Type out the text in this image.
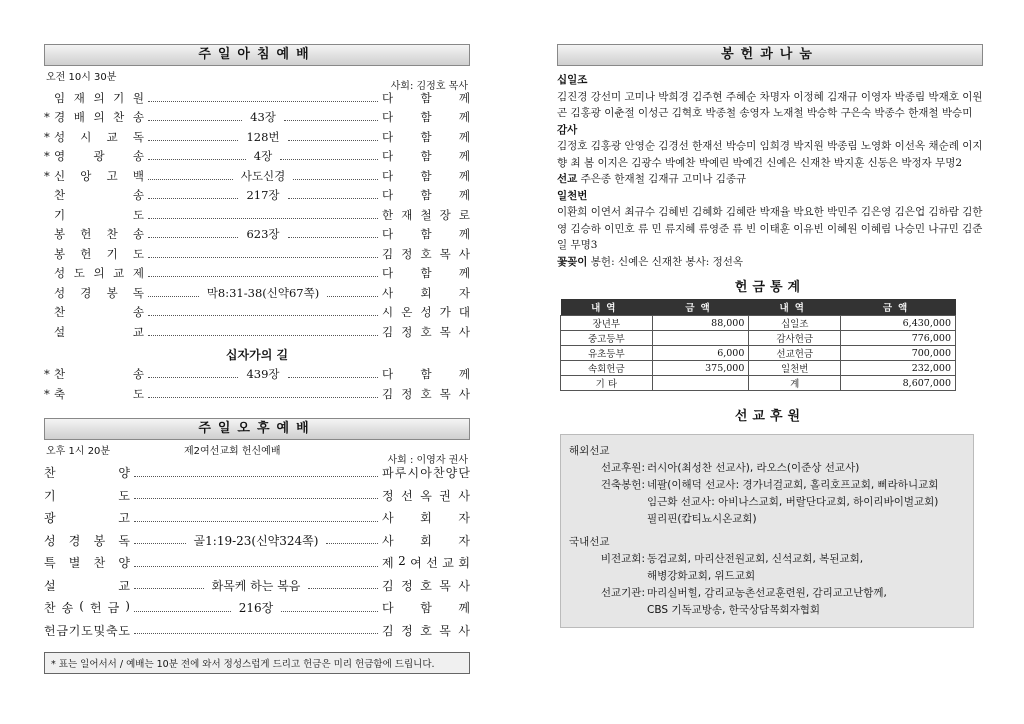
주일아침예배
오전 10시 30분
사회: 김정호 목사
임 재 의 기 원	다 함 께
* 경 배 의 찬 송	43장	다 함 께
* 성 시 교 독	128번	다 함 께
* 영 광 송	4장	다 함 께
* 신 앙 고 백	사도신경	다 함 께
찬	송	217장	다 함 께
기	도	한 재 철 장 로
봉 헌 찬 송	623장	다 함 께
봉 헌 기 도	김 정 호 목 사
성 도 의 교 제	다 함 께
성 경 봉 독	막8:31-38(신약67쪽)	사 회 자
찬	송	시 온 성 가 대
설	교	김 정 호 목 사
십자가의 길
* 찬	송	439장	다 함 께
* 축	도	김 정 호 목 사
주일오후예배
오후 1시 20분	제2여선교회 헌신예배
사회 : 이영자 권사
찬	양	파 루 시 아 찬 양 단
기	도	정 선 옥 권 사
광	고	사 회 자
성 경 봉 독	골1:19-23(신약324쪽)	사 회 자
특 별 찬 양	제 2 여 선 교 회
설	교	화목케 하는 복음	김 정 호 목 사
찬 송 ( 헌 금 )	216장	다 함 께
헌 금 기 도 및 축 도	김 정 호 목 사
* 표는 일어서서 / 예배는 10분 전에 와서 정성스럽게 드리고 헌금은 미리 헌금함에 드립니다.
봉헌과나눔
십일조
김진경 강선미 고미나 박희경 김주현 주혜순 차명자 이정혜 김재규 이영자 박종림 박재호 이원곤 김홍광 이춘절 이성근 김혁호 박종철 송영자 노재철 박승학 구은숙 박종수 한재철 박승미
감사
김정호 김홍광 안영순 김경선 한재선 박승미 임희경 박지원 박종림 노영화 이선옥 채순례 이지향 최 봄 이지은 김광수 박예찬 박예린 박예건 신예은 신재찬 박지훈 신동은 박정자 무명2
선교 주은종 한재철 김재규 고미나 김종규
일천번
이환희 이연서 최규수 김혜빈 김혜화 김혜란 박재율 박요한 박민주 김은영 김은업 김하람 김한영 김승하 이민호 류 민 류지혜 류영준 류 빈 이태훈 이유빈 이혜원 이혜림 나승민 나규민 김준일 무명3
꽃꽂이 봉헌: 신예은 신재찬 봉사: 정선옥
헌금통계
내역	금액	내역	금액
장년부	88,000	십일조	6,430,000
중고등부		감사헌금	776,000
유초등부	6,000	선교헌금	700,000
속회헌금	375,000	일천번	232,000
기 타		계	8,607,000
선교후원
해외선교
선교후원: 러시아(최성찬 선교사), 라오스(이준상 선교사)
건축봉헌: 네팔(이해덕 선교사: 경가너걸교회, 홀리호프교회, 삐라하니교회
임근화 선교사: 아비나스교회, 버랄단다교회, 하이리바이벌교회)
필리핀(캅티뇨시온교회)
국내선교
비전교회: 동검교회, 마리산전원교회, 신석교회, 복된교회,
해병강화교회, 위드교회
선교기관: 마리실버힐, 감리교농촌선교훈련원, 감리교고난함께,
CBS 기독교방송, 한국상담목회자협회
